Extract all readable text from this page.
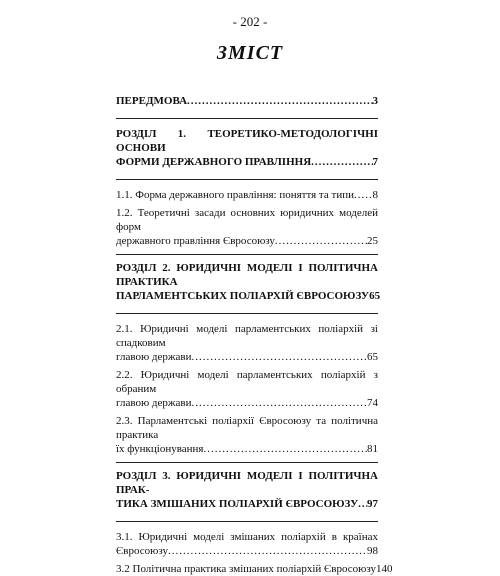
- 202 -
ЗМІСТ
ПЕРЕДМОВА .....	3
РОЗДІЛ 1. ТЕОРЕТИКО-МЕТОДОЛОГІЧНІ ОСНОВИ
ФОРМИ ДЕРЖАВНОГО ПРАВЛІННЯ .....	7
1.1. Форма державного правління: поняття та типи ..... 8
1.2. Теоретичні засади основних юридичних моделей форм
державного правління Євросоюзу .....	25
РОЗДІЛ 2. ЮРИДИЧНІ МОДЕЛІ І ПОЛІТИЧНА ПРАКТИКА
ПАРЛАМЕНТСЬКИХ ПОЛІАРХІЙ ЄВРОСОЮЗУ 65
2.1. Юридичні моделі парламентських поліархій зі спадковим
главою держави .....	65
2.2. Юридичні моделі парламентських поліархій з обраним
главою держави .....	74
2.3. Парламентські поліархії Євросоюзу та політична практика
їх функціонування .....	81
РОЗДІЛ 3. ЮРИДИЧНІ МОДЕЛІ І ПОЛІТИЧНА ПРАК-
ТИКА ЗМІШАНИХ ПОЛІАРХІЙ ЄВРОСОЮЗУ ..... 97
3.1. Юридичні моделі змішаних поліархій в країнах
Євросоюзу .....	98
3.2 Політична практика змішаних поліархій Євросоюзу 140
